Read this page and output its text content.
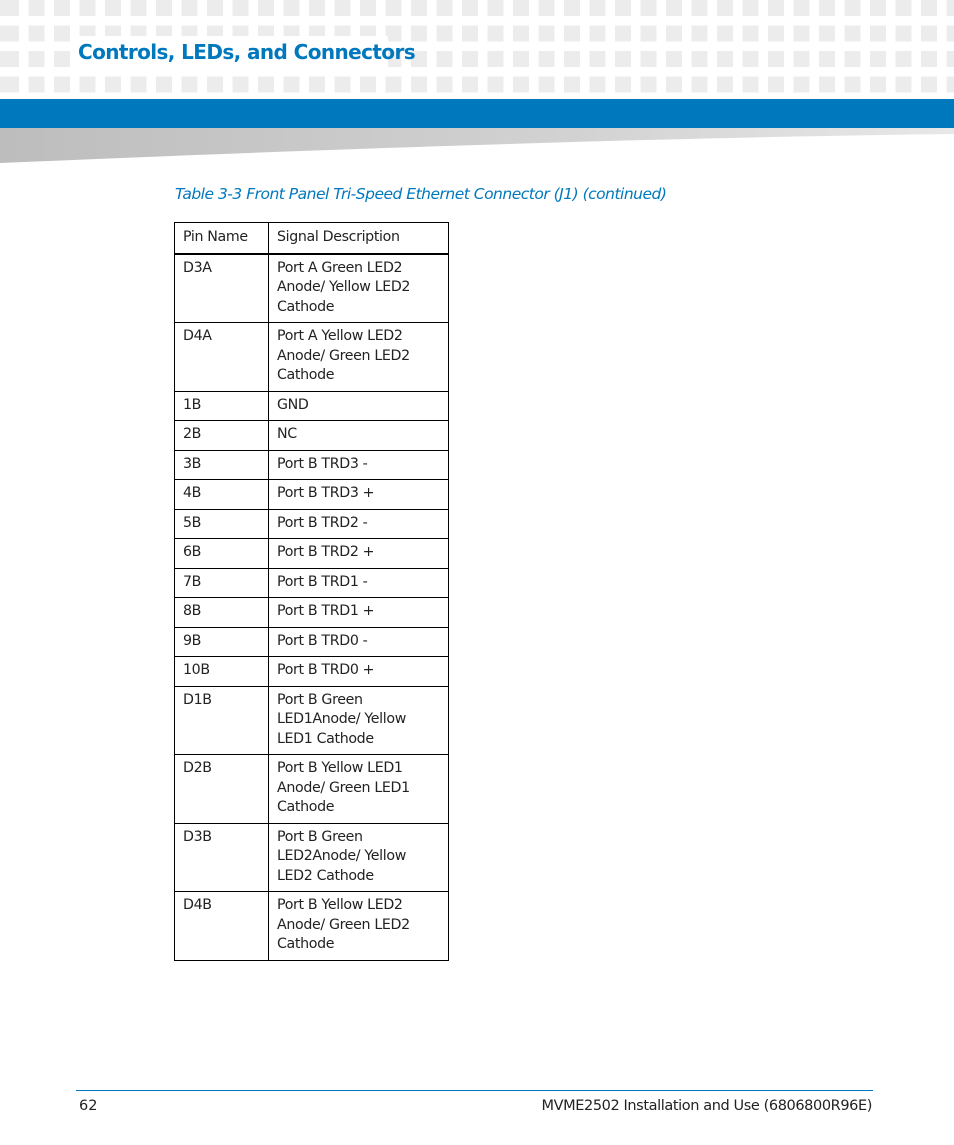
Controls, LEDs, and Connectors
Table 3-3 Front Panel Tri-Speed Ethernet Connector (J1) (continued)
Pin Name	Signal Description
D3A	Port A Green LED2 Anode/ Yellow LED2 Cathode
D4A	Port A Yellow LED2 Anode/ Green LED2 Cathode
1B	GND
2B	NC
3B	Port B TRD3 -
4B	Port B TRD3 +
5B	Port B TRD2 -
6B	Port B TRD2 +
7B	Port B TRD1 -
8B	Port B TRD1 +
9B	Port B TRD0 -
10B	Port B TRD0 +
D1B	Port B Green LED1Anode/ Yellow LED1 Cathode
D2B	Port B Yellow LED1 Anode/ Green LED1 Cathode
D3B	Port B Green LED2Anode/ Yellow LED2 Cathode
D4B	Port B Yellow LED2 Anode/ Green LED2 Cathode
62	MVME2502 Installation and Use (6806800R96E)
